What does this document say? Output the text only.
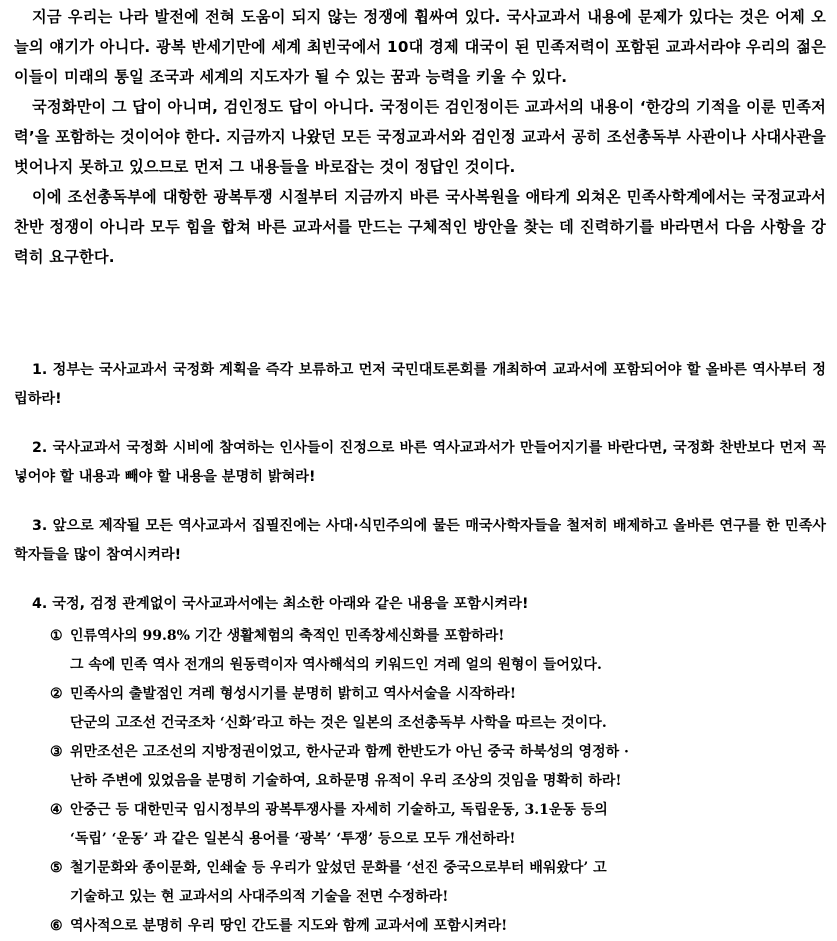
지금 우리는 나라 발전에 전혀 도움이 되지 않는 정쟁에 휩싸여 있다. 국사교과서 내용에 문제가 있다는 것은 어제 오늘의 얘기가 아니다. 광복 반세기만에 세계 최빈국에서 10대 경제 대국이 된 민족저력이 포함된 교과서라야 우리의 젊은이들이 미래의 통일 조국과 세계의 지도자가 될 수 있는 꿈과 능력을 키울 수 있다.

국정화만이 그 답이 아니며, 검인정도 답이 아니다. 국정이든 검인정이든 교과서의 내용이 ‘한강의 기적을 이룬 민족저력’을 포함하는 것이어야 한다. 지금까지 나왔던 모든 국정교과서와 검인정 교과서 공히 조선총독부 사관이나 사대사관을 벗어나지 못하고 있으므로 먼저 그 내용들을 바로잡는 것이 정답인 것이다.

이에 조선총독부에 대항한 광복투쟁 시절부터 지금까지 바른 국사복원을 애타게 외쳐온 민족사학계에서는 국정교과서 찬반 정쟁이 아니라 모두 힘을 합쳐 바른 교과서를 만드는 구체적인 방안을 찾는 데 진력하기를 바라면서 다음 사항을 강력히 요구한다.

1. 정부는 국사교과서 국정화 계획을 즉각 보류하고 먼저 국민대토론회를 개최하여 교과서에 포함되어야 할 올바른 역사부터 정립하라!

2. 국사교과서 국정화 시비에 참여하는 인사들이 진정으로 바른 역사교과서가 만들어지기를 바란다면, 국정화 찬반보다 먼저 꼭 넣어야 할 내용과 빼야 할 내용을 분명히 밝혀라!

3. 앞으로 제작될 모든 역사교과서 집필진에는 사대·식민주의에 물든 매국사학자들을 철저히 배제하고 올바른 연구를 한 민족사학자들을 많이 참여시켜라!

4. 국정, 검정 관계없이 국사교과서에는 최소한 아래와 같은 내용을 포함시켜라!

① 인류역사의 99.8% 기간 생활체험의 축적인 민족창세신화를 포함하라!
그 속에 민족 역사 전개의 원동력이자 역사해석의 키워드인 겨레 얼의 원형이 들어있다.
② 민족사의 출발점인 겨레 형성시기를 분명히 밝히고 역사서술을 시작하라!
단군의 고조선 건국조차 ‘신화’라고 하는 것은 일본의 조선총독부 사학을 따르는 것이다.
③ 위만조선은 고조선의 지방정권이었고, 한사군과 함께 한반도가 아닌 중국 하북성의 영정하 ·
난하 주변에 있었음을 분명히 기술하여, 요하문명 유적이 우리 조상의 것임을 명확히 하라!
④ 안중근 등 대한민국 임시정부의 광복투쟁사를 자세히 기술하고, 독립운동, 3.1운동 등의
‘독립’ ‘운동’ 과 같은 일본식 용어를 ‘광복’ ‘투쟁’ 등으로 모두 개선하라!
⑤ 철기문화와 종이문화, 인쇄술 등 우리가 앞섰던 문화를 ‘선진 중국으로부터 배워왔다’ 고
기술하고 있는 현 교과서의 사대주의적 기술을 전면 수정하라!
⑥ 역사적으로 분명히 우리 땅인 간도를 지도와 함께 교과서에 포함시켜라!
